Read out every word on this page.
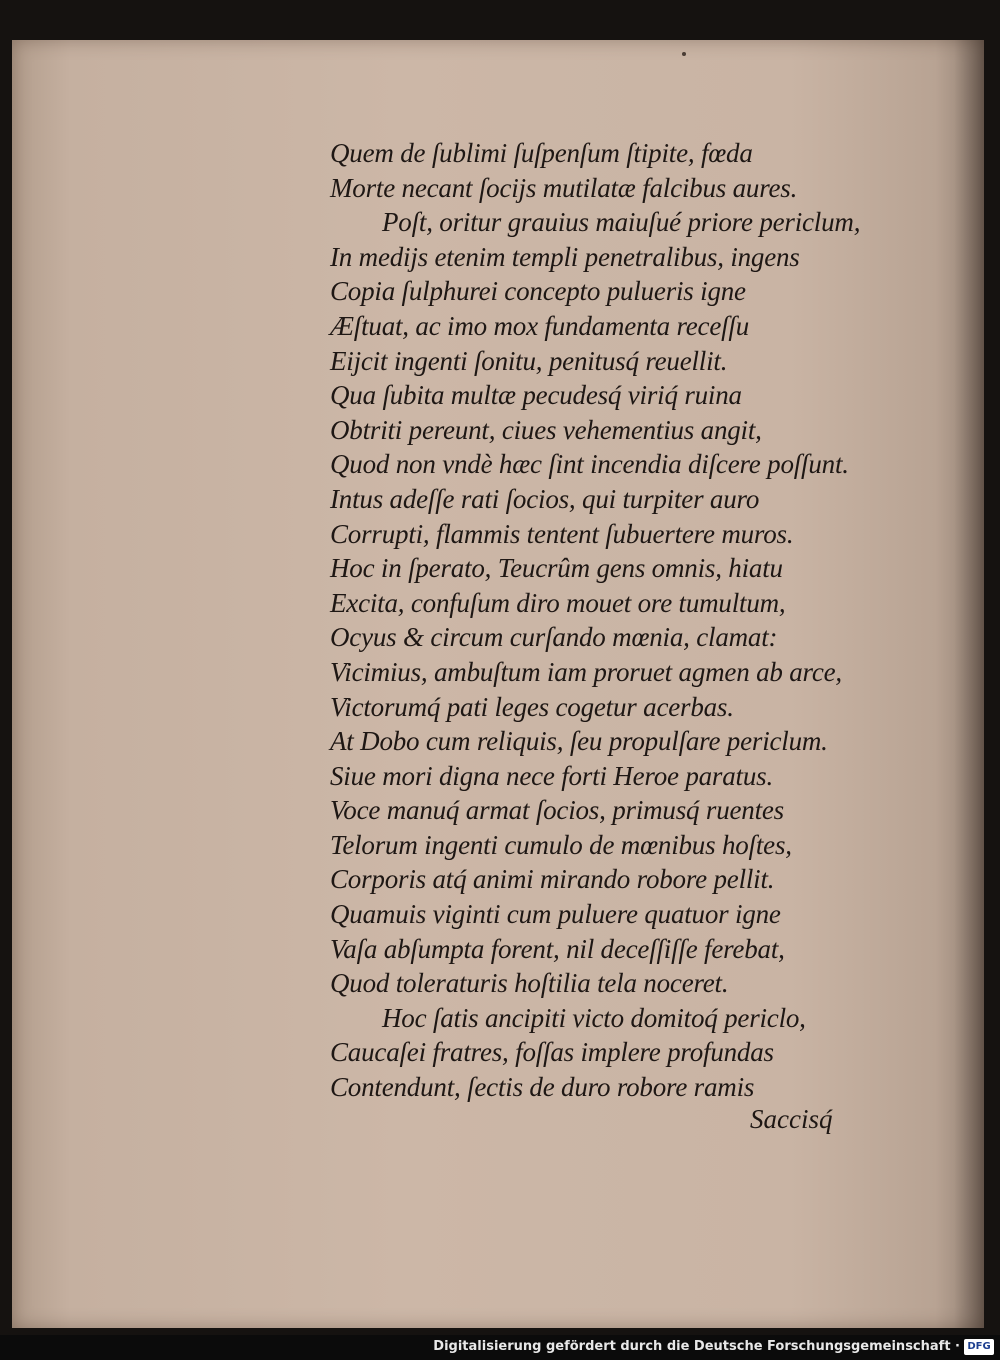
Quem de ſublimi ſuſpenſum ſtipite, fœda
Morte necant ſocijs mutilatæ falcibus aures.
Poſt, oritur grauius maiuſué priore periclum,
In medijs etenim templi penetralibus, ingens
Copia ſulphurei concepto pulueris igne
Æſtuat, ac imo mox fundamenta receſſu
Eijcit ingenti ſonitu, penitusq́ reuellit.
Qua ſubita multæ pecudesq́ viriq́ ruina
Obtriti pereunt, ciues vehementius angit,
Quod non vndè hæc ſint incendia diſcere poſſunt.
Intus adeſſe rati ſocios, qui turpiter auro
Corrupti, flammis tentent ſubuertere muros.
Hoc in ſperato, Teucrûm gens omnis, hiatu
Excita, confuſum diro mouet ore tumultum,
Ocyus & circum curſando mœnia, clamat:
Vicimius, ambuſtum iam proruet agmen ab arce,
Victorumq́ pati leges cogetur acerbas.
At Dobo cum reliquis, ſeu propulſare periclum.
Siue mori digna nece forti Heroe paratus.
Voce manuq́ armat ſocios, primusq́ ruentes
Telorum ingenti cumulo de mœnibus hoſtes,
Corporis atq́ animi mirando robore pellit.
Quamuis viginti cum puluere quatuor igne
Vaſa abſumpta forent, nil deceſſiſſe ferebat,
Quod toleraturis hoſtilia tela noceret.
Hoc ſatis ancipiti victo domitoq́ periclo,
Caucaſei fratres, foſſas implere profundas
Contendunt, ſectis de duro robore ramis
Saccisq́
Digitalisierung gefördert durch die Deutsche Forschungsgemeinschaft · DFG
